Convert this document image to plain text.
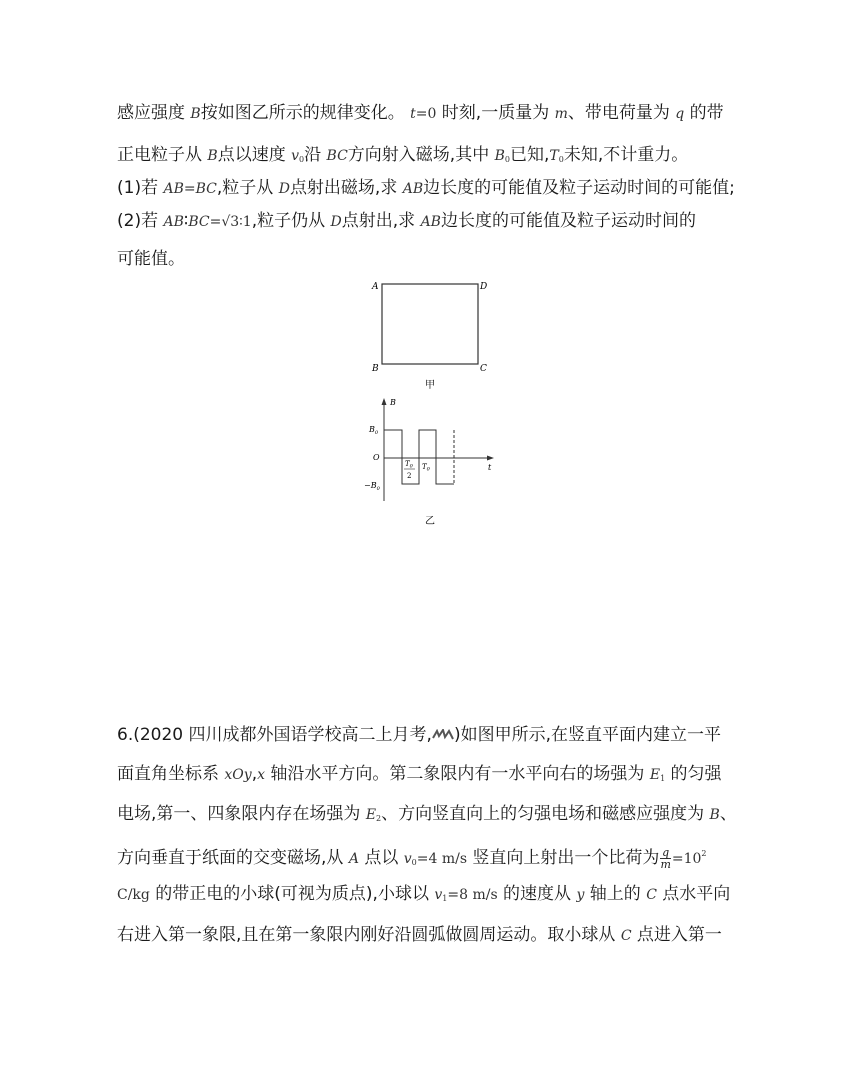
感应强度 B按如图乙所示的规律变化。 t=0 时刻,一质量为 m、带电荷量为 q 的带
正电粒子从 B点以速度 $v_0$沿 BC方向射入磁场,其中 $B_0$已知$,T_0$未知,不计重力。
(1)若 AB=BC,粒子从 D点射出磁场,求 AB边长度的可能值及粒子运动时间的可能值;
(2)若 AB∶BC=√3∶1,粒子仍从 D点射出,求 AB边长度的可能值及粒子运动时间的
可能值。
A	D
B	C
甲
B
t
O
$B_0$
$-B_0$
$T_0$
2
$T_0$
乙
6.(2020 四川成都外国语学校高二上月考, )如图甲所示,在竖直平面内建立一平
面直角坐标系 xOy,x 轴沿水平方向。第二象限内有一水平向右的场强为 $E_1$ 的匀强
电场,第一、四象限内存在场强为 $E_2$、方向竖直向上的匀强电场和磁感应强度为 B、
方向垂直于纸面的交变磁场,从 A 点以 $v_0=4$ m/s 竖直向上射出一个比荷为 $\frac{q}{m} =10^2$
C/kg 的带正电的小球(可视为质点),小球以 $v_1=8$ m/s 的速度从 y 轴上的 C 点水平向
右进入第一象限,且在第一象限内刚好沿圆弧做圆周运动。取小球从 C 点进入第一
